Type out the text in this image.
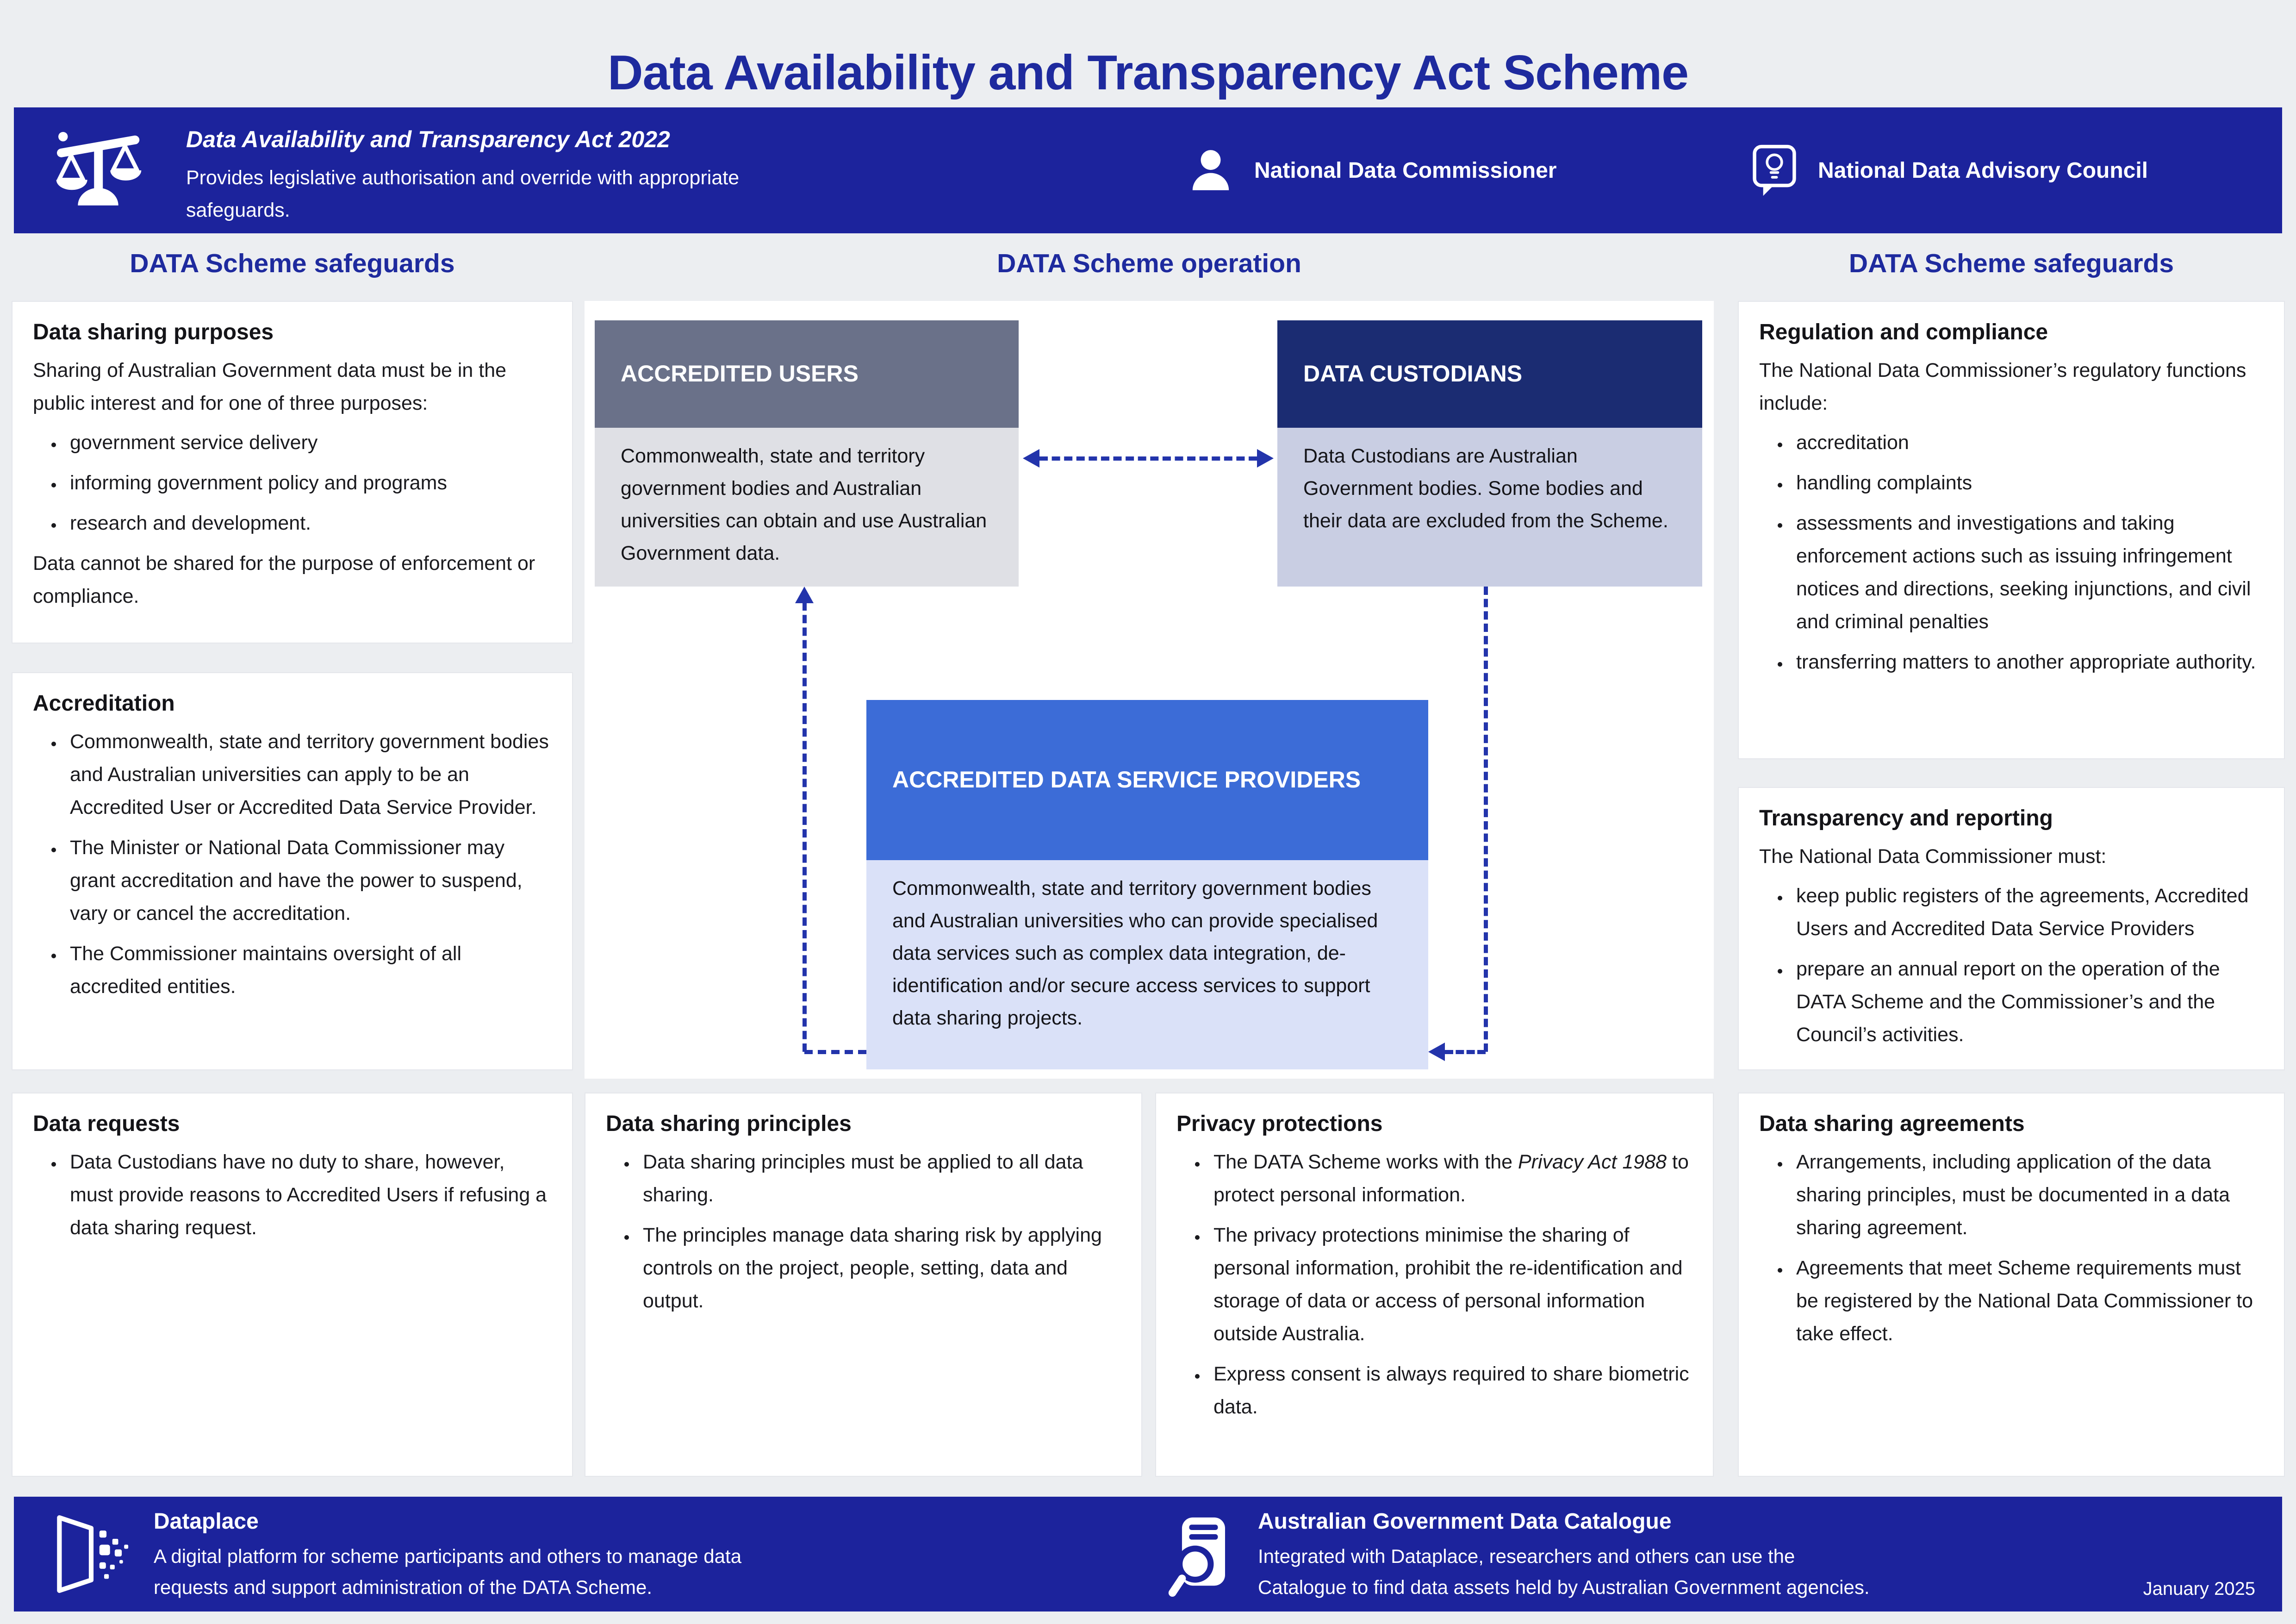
Data Availability and Transparency Act Scheme
Data Availability and Transparency Act 2022
Provides legislative authorisation and override with appropriate
safeguards.
National Data Commissioner	National Data Advisory Council
DATA Scheme safeguards	DATA Scheme operation	DATA Scheme safeguards
Data sharing purposes

Sharing of Australian Government data must be in the public interest and for one of three purposes:

• government service delivery
• informing government policy and programs
• research and development.

Data cannot be shared for the purpose of enforcement or compliance.

Accreditation
• Commonwealth, state and territory government bodies and Australian universities can apply to be an Accredited User or Accredited Data Service Provider.
• The Minister or National Data Commissioner may grant accreditation and have the power to suspend, vary or cancel the accreditation.
• The Commissioner maintains oversight of all accredited entities.
Data requests
• Data Custodians have no duty to share, however, must provide reasons to Accredited Users if refusing a data sharing request.
ACCREDITED USERS
Commonwealth, state and territory government bodies and Australian universities can obtain and use Australian Government data.
DATA CUSTODIANS
Data Custodians are Australian Government bodies. Some bodies and their data are excluded from the Scheme.
ACCREDITED DATA SERVICE PROVIDERS
Commonwealth, state and territory government bodies and Australian universities who can provide specialised data services such as complex data integration, de-identification and/or secure access services to support data sharing projects.
Data sharing principles
• Data sharing principles must be applied to all data sharing.
• The principles manage data sharing risk by applying controls on the project, people, setting, data and output.
Privacy protections
• The DATA Scheme works with the Privacy Act 1988 to protect personal information.
• The privacy protections minimise the sharing of personal information, prohibit the re-identification and storage of data or access of personal information outside Australia.
• Express consent is always required to share biometric data.
Regulation and compliance

The National Data Commissioner’s regulatory functions include:

• accreditation
• handling complaints
• assessments and investigations and taking enforcement actions such as issuing infringement notices and directions, seeking injunctions, and civil and criminal penalties
• transferring matters to another appropriate authority.
Transparency and reporting

The National Data Commissioner must:

• keep public registers of the agreements, Accredited Users and Accredited Data Service Providers
• prepare an annual report on the operation of the DATA Scheme and the Commissioner’s and the Council’s activities.
Data sharing agreements
• Arrangements, including application of the data sharing principles, must be documented in a data sharing agreement.
• Agreements that meet Scheme requirements must be registered by the National Data Commissioner to take effect.
Dataplace
A digital platform for scheme participants and others to manage data
requests and support administration of the DATA Scheme.
Australian Government Data Catalogue
Integrated with Dataplace, researchers and others can use the
Catalogue to find data assets held by Australian Government agencies.	January 2025
